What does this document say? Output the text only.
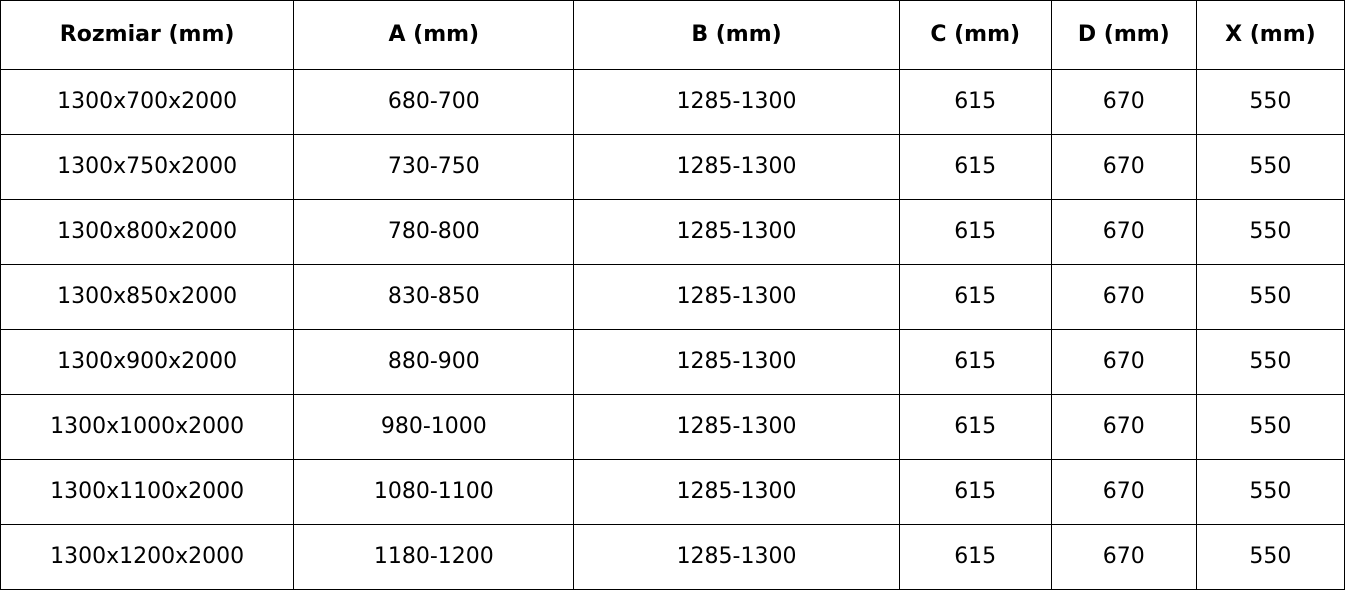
Rozmiar (mm)	A (mm)	B (mm)	C (mm)	D (mm)	X (mm)
1300x700x2000	680-700	1285-1300	615	670	550
1300x750x2000	730-750	1285-1300	615	670	550
1300x800x2000	780-800	1285-1300	615	670	550
1300x850x2000	830-850	1285-1300	615	670	550
1300x900x2000	880-900	1285-1300	615	670	550
1300x1000x2000	980-1000	1285-1300	615	670	550
1300x1100x2000	1080-1100	1285-1300	615	670	550
1300x1200x2000	1180-1200	1285-1300	615	670	550
